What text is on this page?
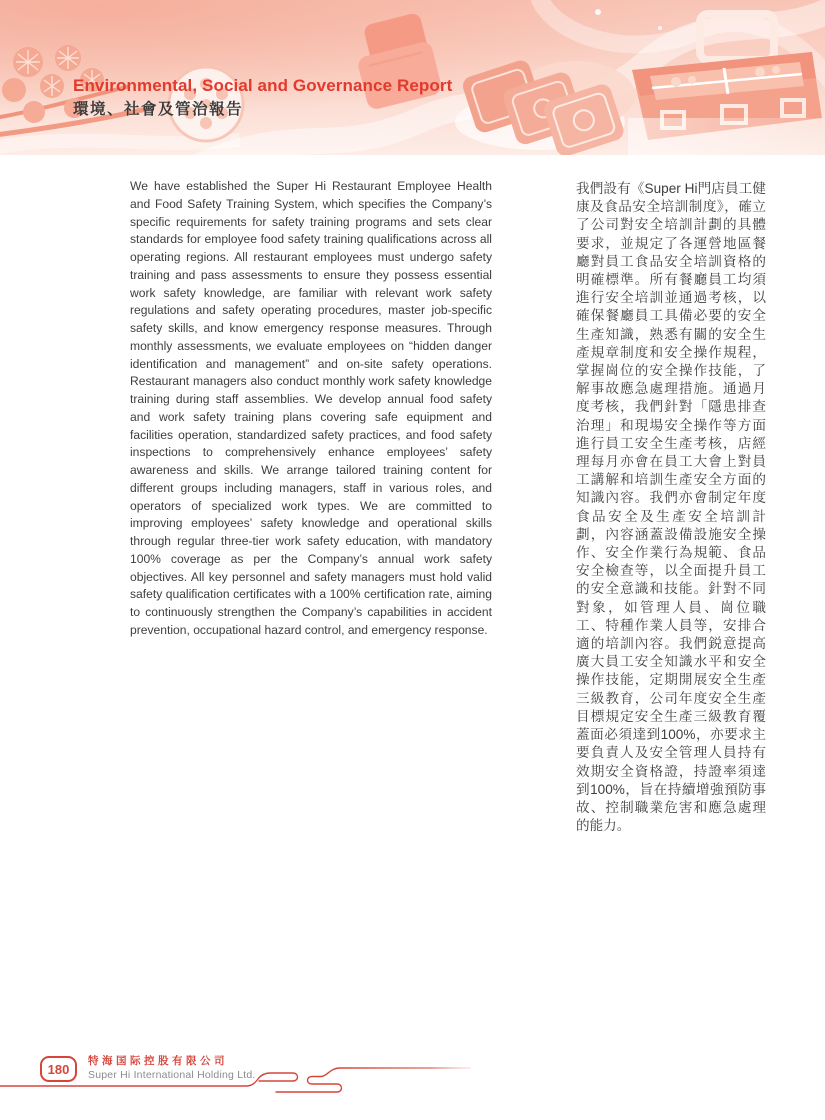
Environmental, Social and Governance Report
環境、社會及管治報告
We have established the Super Hi Restaurant Employee Health and Food Safety Training System, which specifies the Company’s specific requirements for safety training programs and sets clear standards for employee food safety training qualifications across all operating regions. All restaurant employees must undergo safety training and pass assessments to ensure they possess essential work safety knowledge, are familiar with relevant work safety regulations and safety operating procedures, master job-specific safety skills, and know emergency response measures. Through monthly assessments, we evaluate employees on “hidden danger identification and management” and on-site safety operations. Restaurant managers also conduct monthly work safety knowledge training during staff assemblies. We develop annual food safety and work safety training plans covering safe equipment and facilities operation, standardized safety practices, and food safety inspections to comprehensively enhance employees’ safety awareness and skills. We arrange tailored training content for different groups including managers, staff in various roles, and operators of specialized work types. We are committed to improving employees’ safety knowledge and operational skills through regular three-tier work safety education, with mandatory 100% coverage as per the Company’s annual work safety objectives. All key personnel and safety managers must hold valid safety qualification certificates with a 100% certification rate, aiming to continuously strengthen the Company’s capabilities in accident prevention, occupational hazard control, and emergency response.
我們設有《Super Hi門店員工健康及食品安全培訓制度》，確立了公司對安全培訓計劃的具體要求，並規定了各運營地區餐廳對員工食品安全培訓資格的明確標準。所有餐廳員工均須進行安全培訓並通過考核，以確保餐廳員工具備必要的安全生產知識，熟悉有關的安全生產規章制度和安全操作規程，掌握崗位的安全操作技能，了解事故應急處理措施。通過月度考核，我們針對「隱患排查治理」和現場安全操作等方面進行員工安全生產考核，店經理每月亦會在員工大會上對員工講解和培訓生產安全方面的知識內容。我們亦會制定年度食品安全及生產安全培訓計劃，內容涵蓋設備設施安全操作、安全作業行為規範、食品安全檢查等，以全面提升員工的安全意識和技能。針對不同對象，如管理人員、崗位職工、特種作業人員等，安排合適的培訓內容。我們鋭意提高廣大員工安全知識水平和安全操作技能，定期開展安全生產三級教育，公司年度安全生產目標規定安全生產三級教育覆蓋面必須達到100%，亦要求主要負責人及安全管理人員持有效期安全資格證，持證率須達到100%，旨在持續增強預防事故、控制職業危害和應急處理的能力。
180
特海国际控股有限公司
Super Hi International Holding Ltd.
